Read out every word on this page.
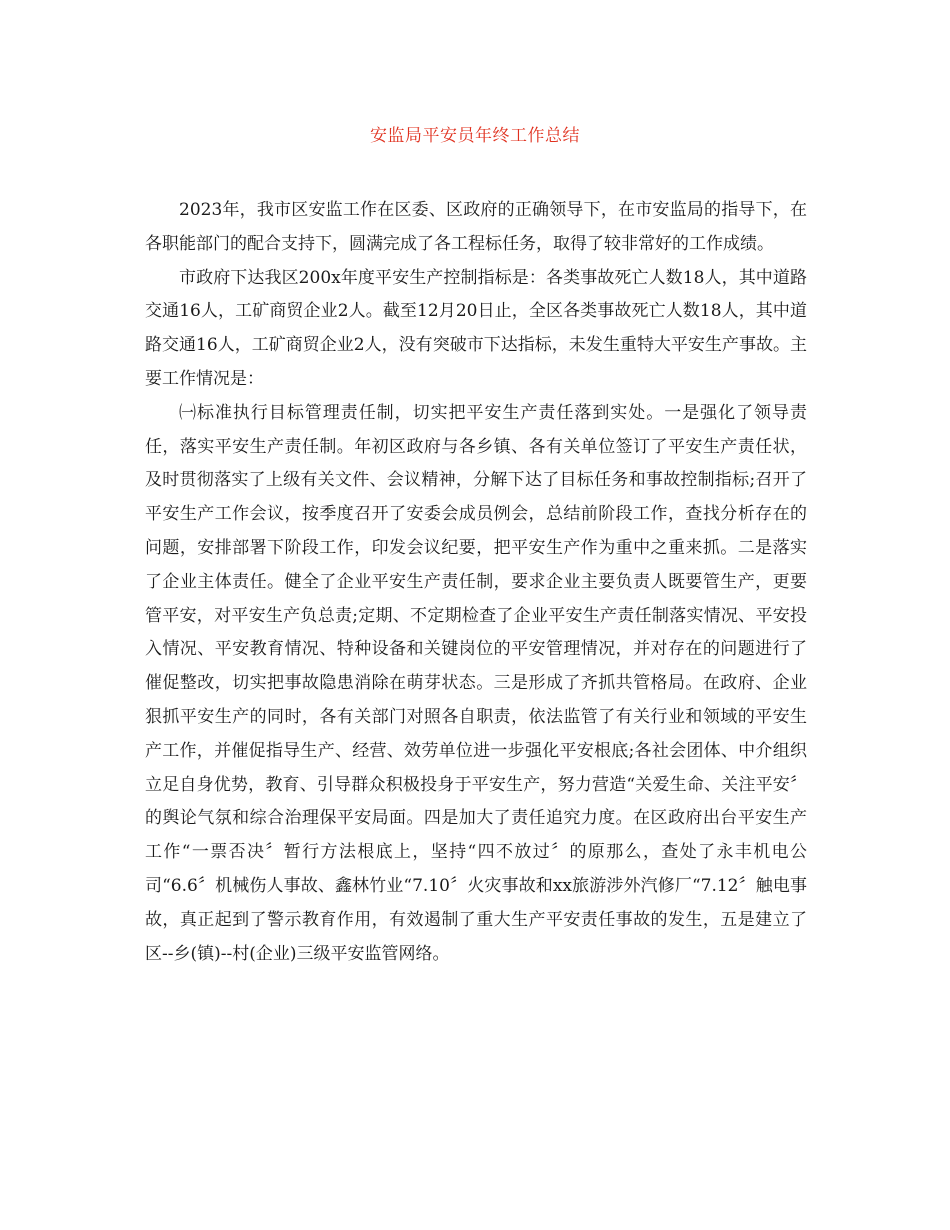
安监局平安员年终工作总结

2023年，我市区安监工作在区委、区政府的正确领导下，在市安监局的指导下，在各职能部门的配合支持下，圆满完成了各工程标任务，取得了较非常好的工作成绩。

市政府下达我区200x年度平安生产控制指标是：各类事故死亡人数18人，其中道路交通16人，工矿商贸企业2人。截至12月20日止，全区各类事故死亡人数18人，其中道路交通16人，工矿商贸企业2人，没有突破市下达指标，未发生重特大平安生产事故。主要工作情况是：

㈠标准执行目标管理责任制，切实把平安生产责任落到实处。一是强化了领导责任，落实平安生产责任制。年初区政府与各乡镇、各有关单位签订了平安生产责任状，及时贯彻落实了上级有关文件、会议精神，分解下达了目标任务和事故控制指标;召开了平安生产工作会议，按季度召开了安委会成员例会，总结前阶段工作，查找分析存在的问题，安排部署下阶段工作，印发会议纪要，把平安生产作为重中之重来抓。二是落实了企业主体责任。健全了企业平安生产责任制，要求企业主要负责人既要管生产，更要管平安，对平安生产负总责;定期、不定期检查了企业平安生产责任制落实情况、平安投入情况、平安教育情况、特种设备和关键岗位的平安管理情况，并对存在的问题进行了催促整改，切实把事故隐患消除在萌芽状态。三是形成了齐抓共管格局。在政府、企业狠抓平安生产的同时，各有关部门对照各自职责，依法监管了有关行业和领域的平安生产工作，并催促指导生产、经营、效劳单位进一步强化平安根底;各社会团体、中介组织立足自身优势，教育、引导群众积极投身于平安生产，努力营造“关爱生命、关注平安〞的舆论气氛和综合治理保平安局面。四是加大了责任追究力度。在区政府出台平安生产工作“一票否决〞暂行方法根底上，坚持“四不放过〞的原那么，查处了永丰机电公司“6.6〞机械伤人事故、鑫林竹业“7.10〞火灾事故和xx旅游涉外汽修厂“7.12〞触电事故，真正起到了警示教育作用，有效遏制了重大生产平安责任事故的发生，五是建立了区--乡(镇)--村(企业)三级平安监管网络。
